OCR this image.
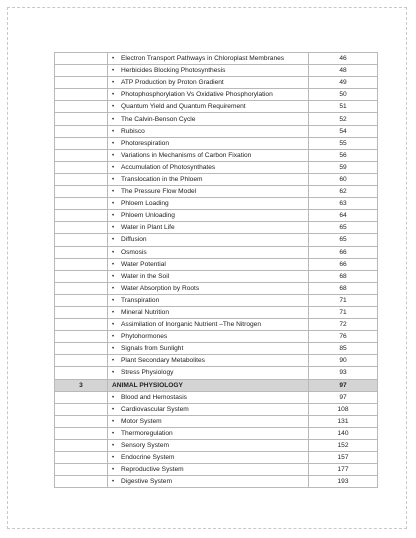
	• Electron Transport Pathways in Chloroplast Membranes	46
	• Herbicides Blocking Photosynthesis	48
	• ATP Production by Proton Gradient	49
	• Photophosphorylation Vs Oxidative Phosphorylation	50
	• Quantum Yield and Quantum Requirement	51
	• The Calvin-Benson Cycle	52
	• Rubisco	54
	• Photorespiration	55
	• Variations in Mechanisms of Carbon Fixation	56
	• Accumulation of Photosynthates	59
	• Translocation in the Phloem	60
	• The Pressure Flow Model	62
	• Phloem Loading	63
	• Phloem Unloading	64
	• Water in Plant Life	65
	• Diffusion	65
	• Osmosis	66
	• Water Potential	66
	• Water in the Soil	68
	• Water Absorption by Roots	68
	• Transpiration	71
	• Mineral Nutrition	71
	• Assimilation of Inorganic Nutrient –The Nitrogen	72
	• Phytohormones	76
	• Signals from Sunlight	85
	• Plant Secondary Metabolites	90
	• Stress Physiology	93
3	ANIMAL PHYSIOLOGY	97
	• Blood and Hemostasis	97
	• Cardiovascular System	108
	• Motor System	131
	• Thermoregulation	140
	• Sensory System	152
	• Endocrine System	157
	• Reproductive System	177
	• Digestive System	193
